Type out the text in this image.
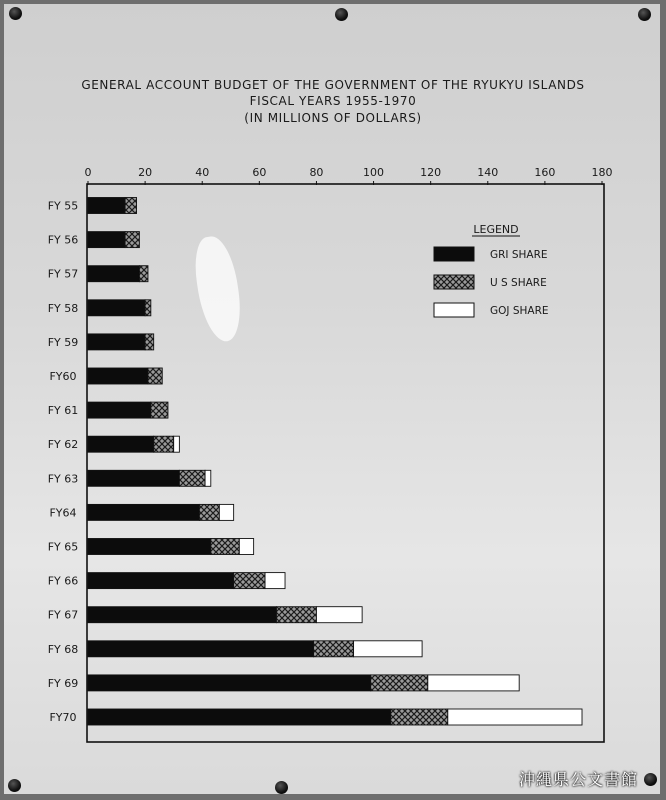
GENERAL ACCOUNT BUDGET OF THE GOVERNMENT OF THE RYUKYU ISLANDS
FISCAL YEARS 1955-1970
(IN MILLIONS OF DOLLARS)
0	20	40	60	80	100	120	140	160	180
FY 55
FY 56
FY 57
FY 58
FY 59
FY60
FY 61
FY 62
FY 63
FY64
FY 65
FY 66
FY 67
FY 68
FY 69
FY70
LEGEND
GRI SHARE
U S SHARE
GOJ SHARE
沖縄県公文書館
